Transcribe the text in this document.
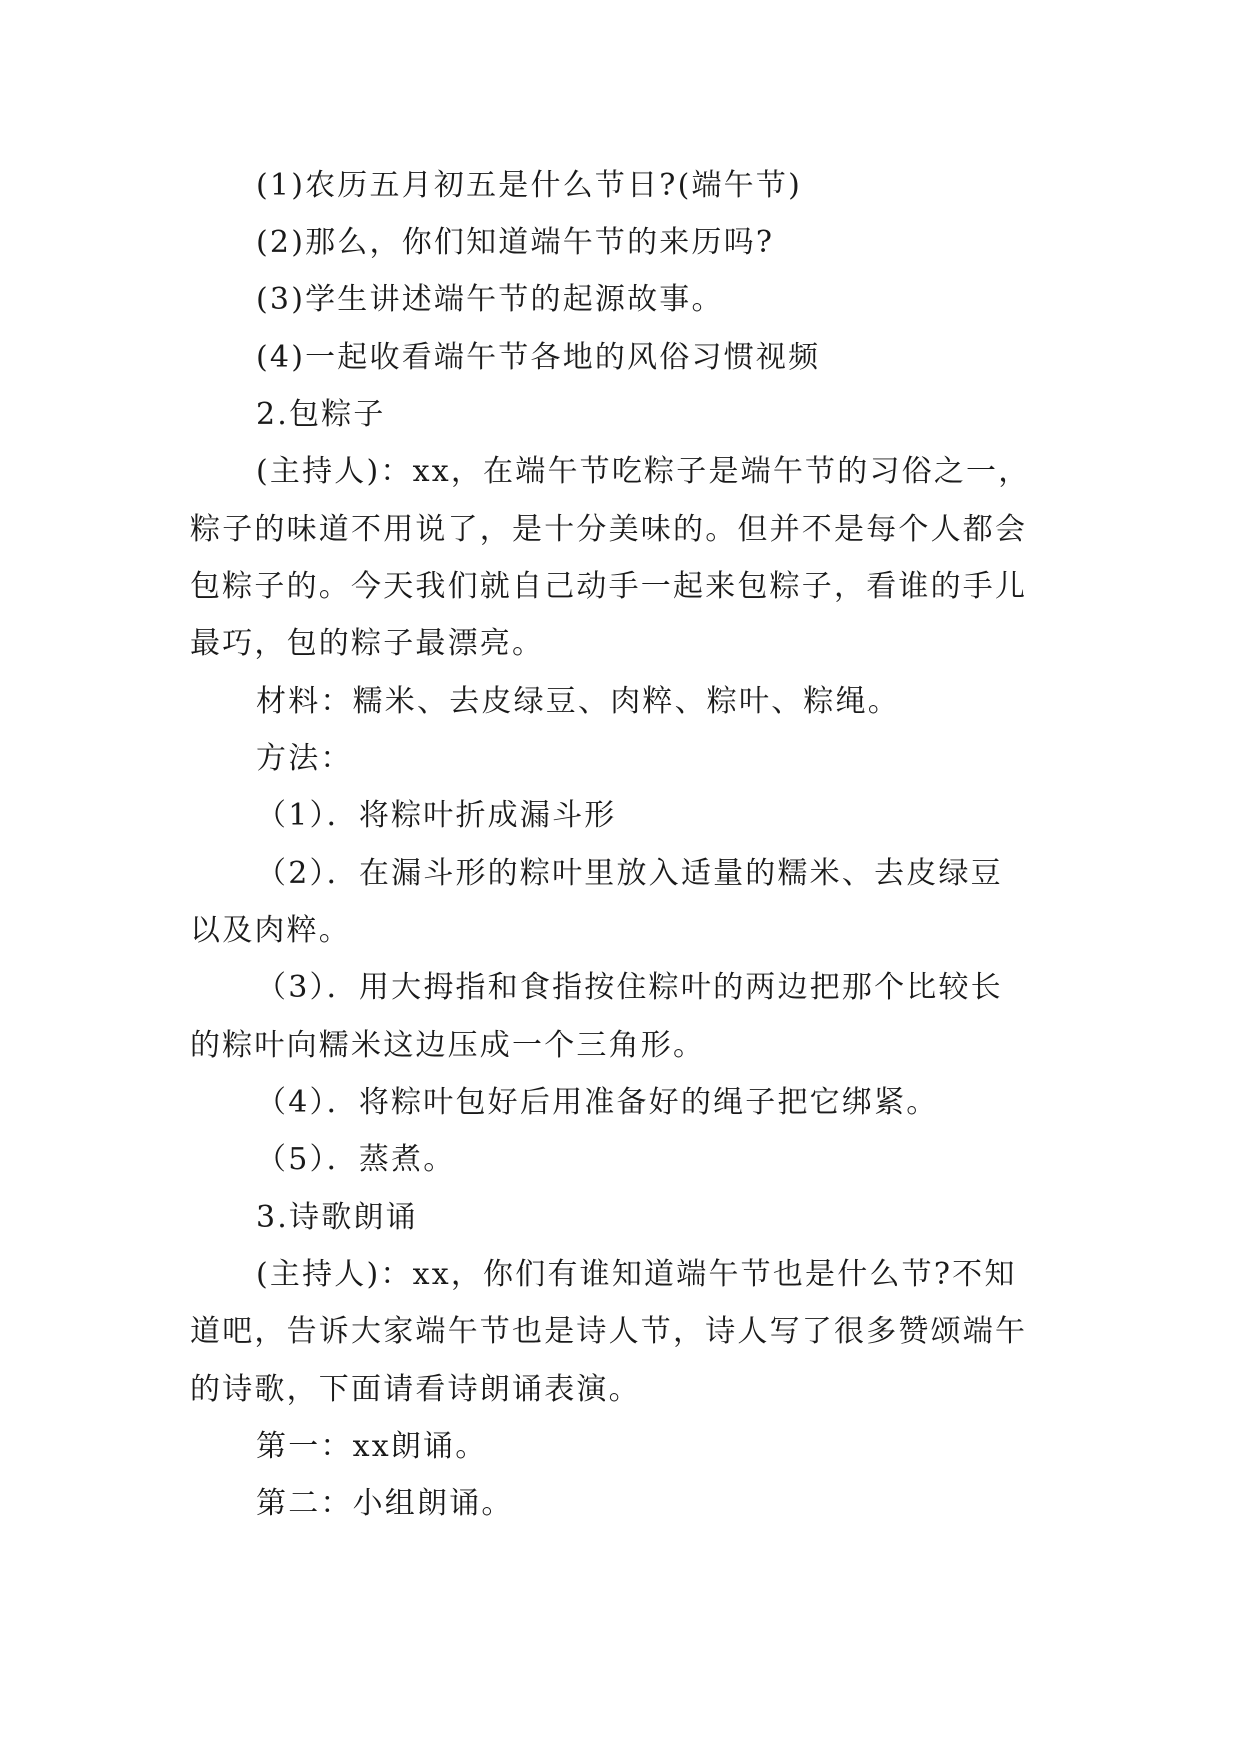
(1)农历五月初五是什么节日?(端午节)
(2)那么，你们知道端午节的来历吗?
(3)学生讲述端午节的起源故事。
(4)一起收看端午节各地的风俗习惯视频
2.包粽子
(主持人)：xx，在端午节吃粽子是端午节的习俗之一，
粽子的味道不用说了，是十分美味的。但并不是每个人都会
包粽子的。今天我们就自己动手一起来包粽子，看谁的手儿
最巧，包的粽子最漂亮。
材料：糯米、去皮绿豆、肉粹、粽叶、粽绳。
方法：
（1）．将粽叶折成漏斗形
（2）．在漏斗形的粽叶里放入适量的糯米、去皮绿豆
以及肉粹。
（3）．用大拇指和食指按住粽叶的两边把那个比较长
的粽叶向糯米这边压成一个三角形。
（4）．将粽叶包好后用准备好的绳子把它绑紧。
（5）．蒸煮。
3.诗歌朗诵
(主持人)：xx，你们有谁知道端午节也是什么节?不知
道吧，告诉大家端午节也是诗人节，诗人写了很多赞颂端午
的诗歌，下面请看诗朗诵表演。
第一：xx朗诵。
第二：小组朗诵。
